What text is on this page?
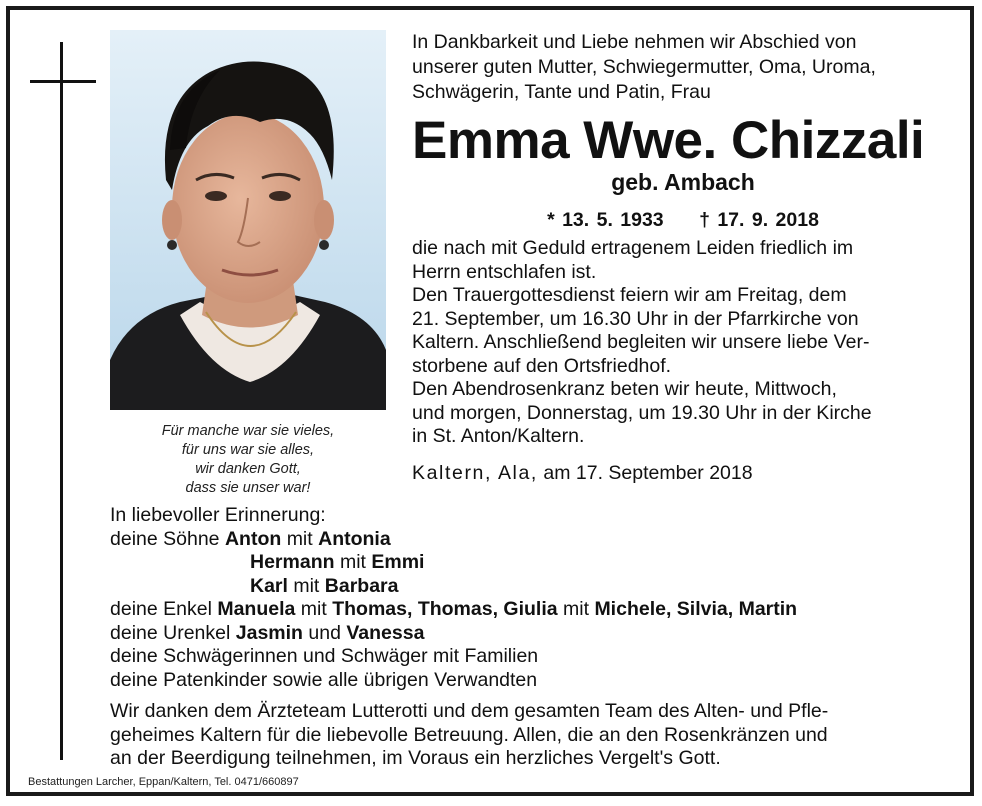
Für manche war sie vieles,
für uns war sie alles,
wir danken Gott,
dass sie unser war!
In Dankbarkeit und Liebe nehmen wir Abschied von
unserer guten Mutter, Schwiegermutter, Oma, Uroma,
Schwägerin, Tante und Patin, Frau
Emma Wwe. Chizzali
geb. Ambach
* 13. 5. 1933 † 17. 9. 2018
die nach mit Geduld ertragenem Leiden friedlich im
Herrn entschlafen ist.
Den Trauergottesdienst feiern wir am Freitag, dem
21. September, um 16.30 Uhr in der Pfarrkirche von
Kaltern. Anschließend begleiten wir unsere liebe Ver-
storbene auf den Ortsfriedhof.
Den Abendrosenkranz beten wir heute, Mittwoch,
und morgen, Donnerstag, um 19.30 Uhr in der Kirche
in St. Anton/Kaltern.
Kaltern, Ala, am 17. September 2018
In liebevoller Erinnerung:
deine Söhne Anton mit Antonia
Hermann mit Emmi
Karl mit Barbara
deine Enkel Manuela mit Thomas, Thomas, Giulia mit Michele, Silvia, Martin
deine Urenkel Jasmin und Vanessa
deine Schwägerinnen und Schwäger mit Familien
deine Patenkinder sowie alle übrigen Verwandten
Wir danken dem Ärzteteam Lutterotti und dem gesamten Team des Alten- und Pfle-
geheimes Kaltern für die liebevolle Betreuung. Allen, die an den Rosenkränzen und
an der Beerdigung teilnehmen, im Voraus ein herzliches Vergelt's Gott.
Bestattungen Larcher, Eppan/Kaltern, Tel. 0471/660897
